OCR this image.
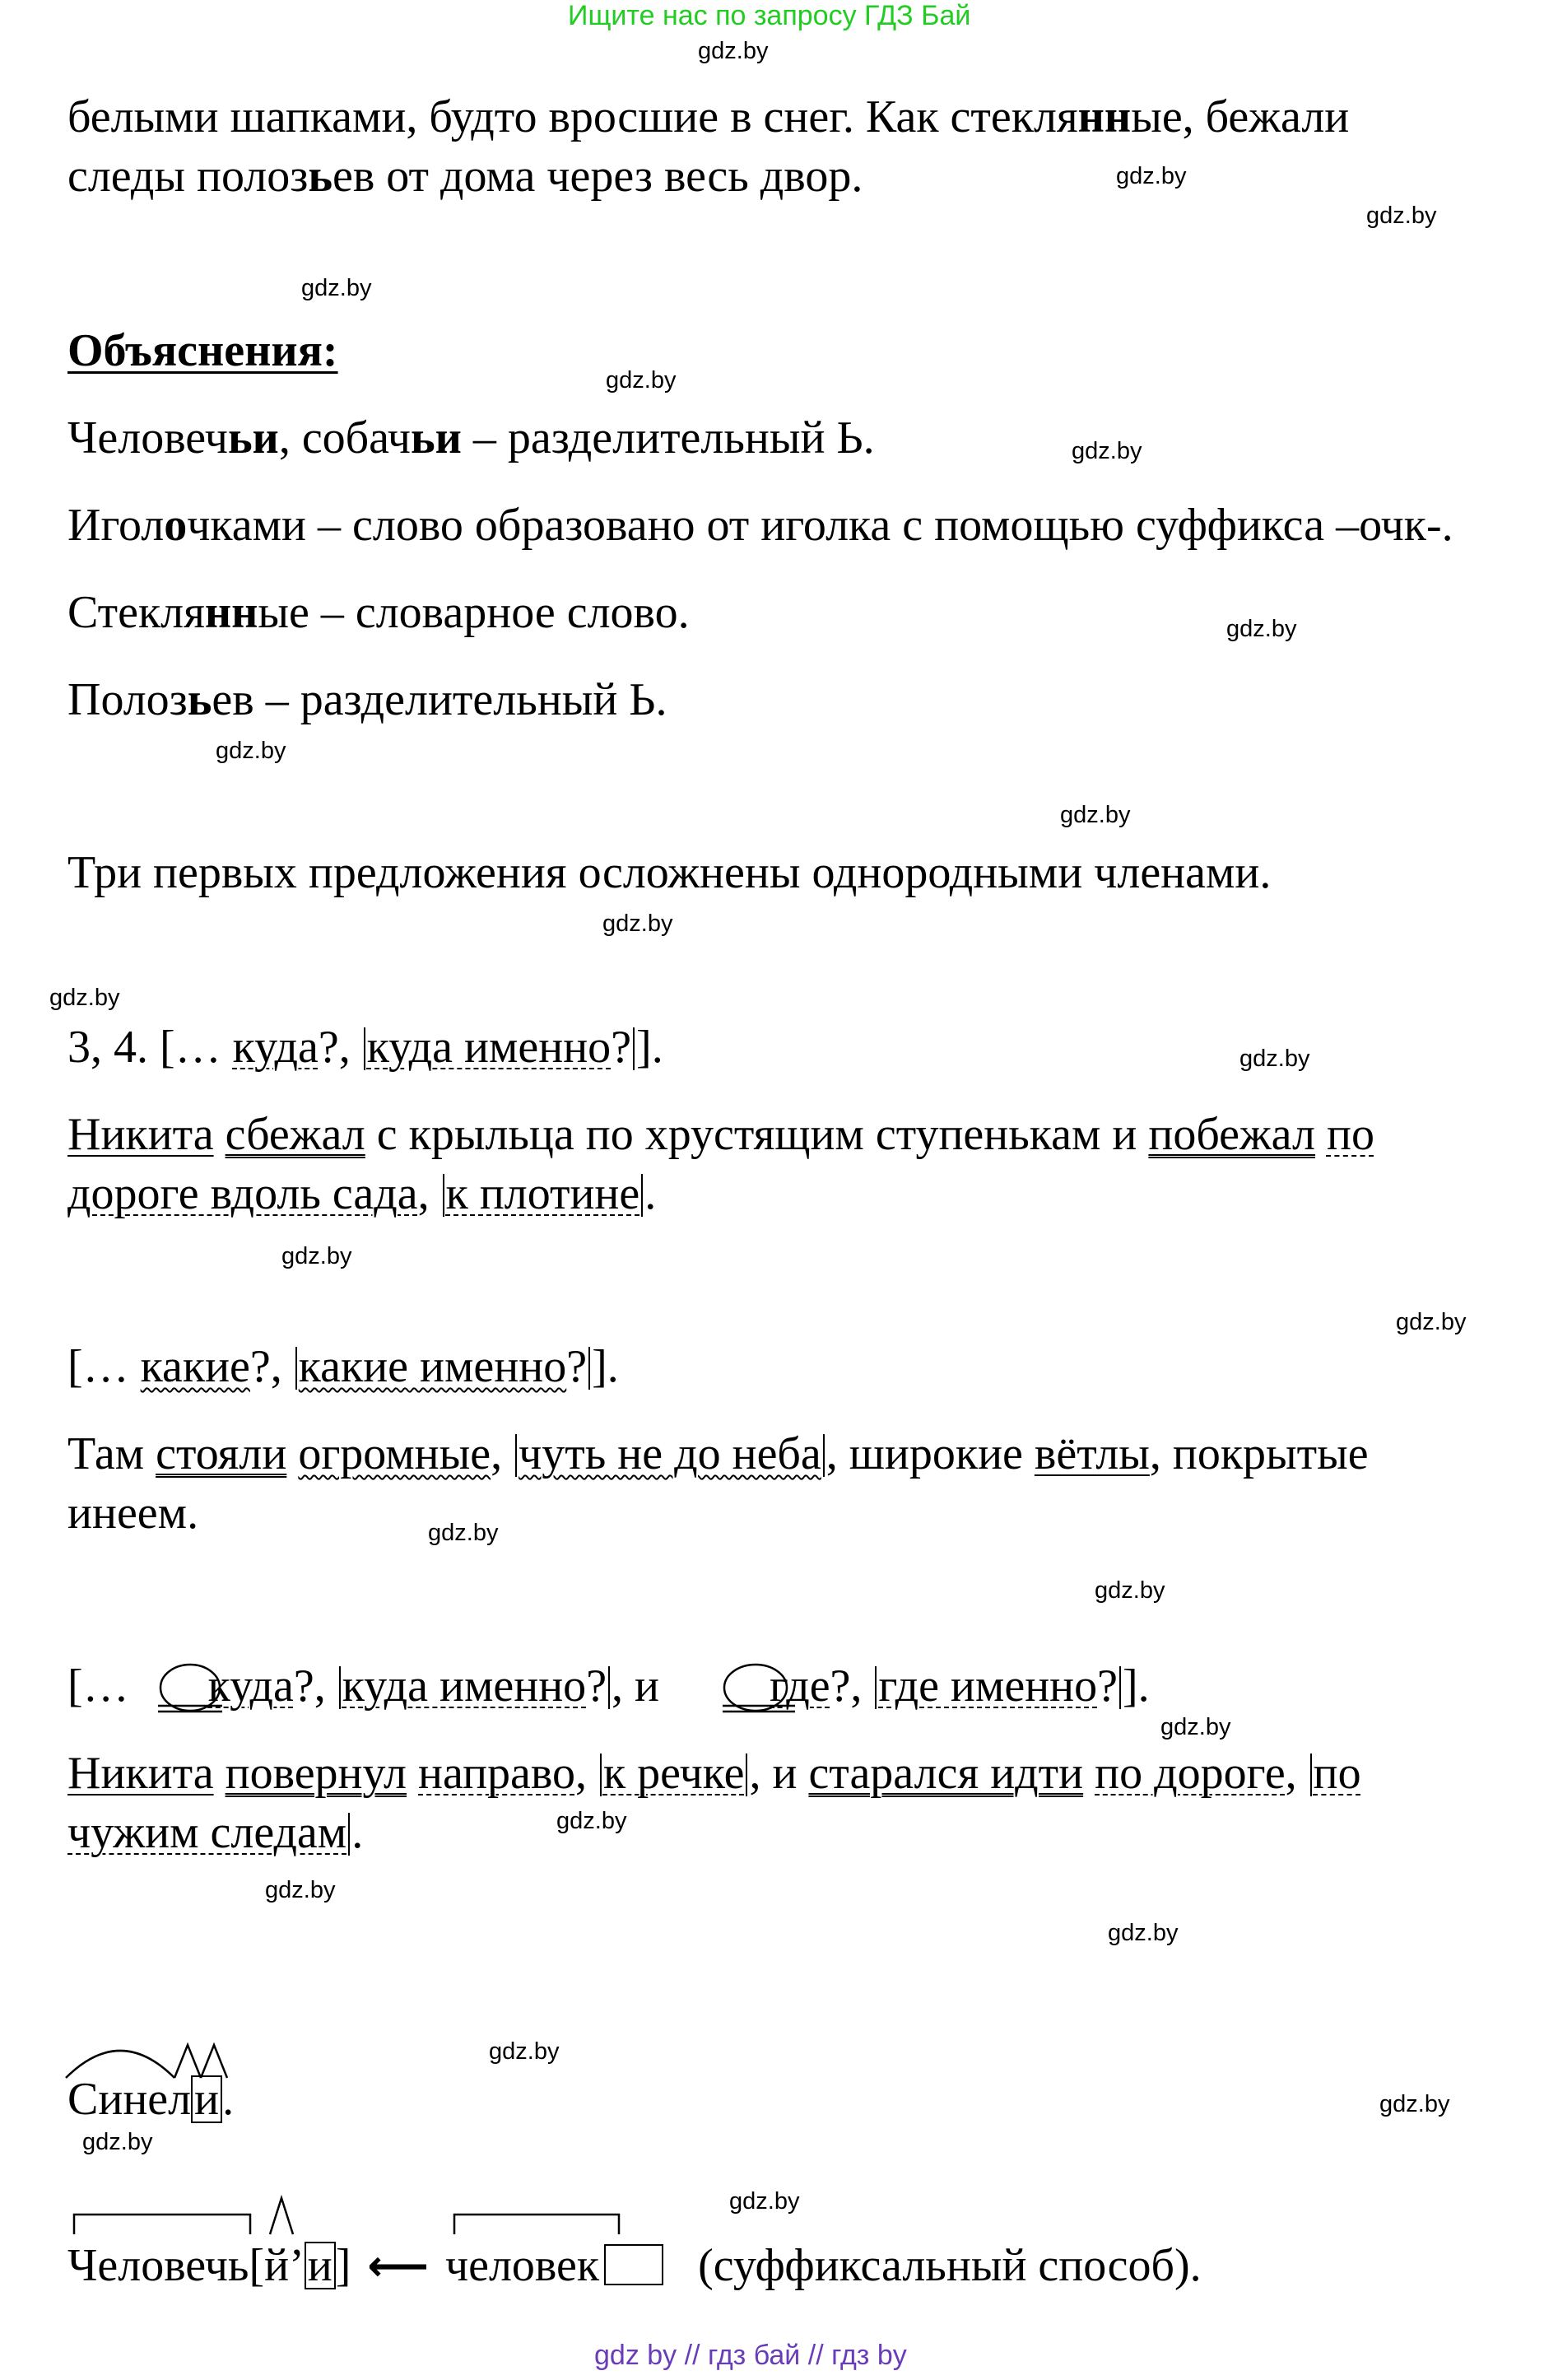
Ищите нас по запросу ГДЗ Бай
gdz.by
белыми шапками, будто вросшие в снег. Как стеклянные, бежали
следы полозьев от дома через весь двор.
Объяснения:
Человечьи, собачьи – разделительный Ь.
Иголочками – слово образовано от иголка с помощью суффикса –очк-.
Стеклянные – словарное слово.
Полозьев – разделительный Ь.
Три первых предложения осложнены однородными членами.
3, 4. [… куда?, куда именно? ].
Никита сбежал с крыльца по хрустящим ступенькам и побежал по
дороге вдоль сада, к плотине .
[… какие?, какие именно? ].
Там стояли огромные, чуть не до неба , широкие вётлы, покрытые
инеем.
[… куда?, куда именно? , и где?, где именно? ].
Никита повернул направо, к речке , и старался идти по дороге, по
чужим следам .
Синели.
Человечь[й’и] ⟵ человек (суффиксальный способ).
gdz.by
gdz.by
gdz.by
gdz.by
gdz.by
gdz.by
gdz.by
gdz.by
gdz.by
gdz.by
gdz.by
gdz.by
gdz.by
gdz.by
gdz.by
gdz.by
gdz.by
gdz.by
gdz.by
gdz.by
gdz.by
gdz.by
gdz.by
gdz by // гдз бай // гдз by
